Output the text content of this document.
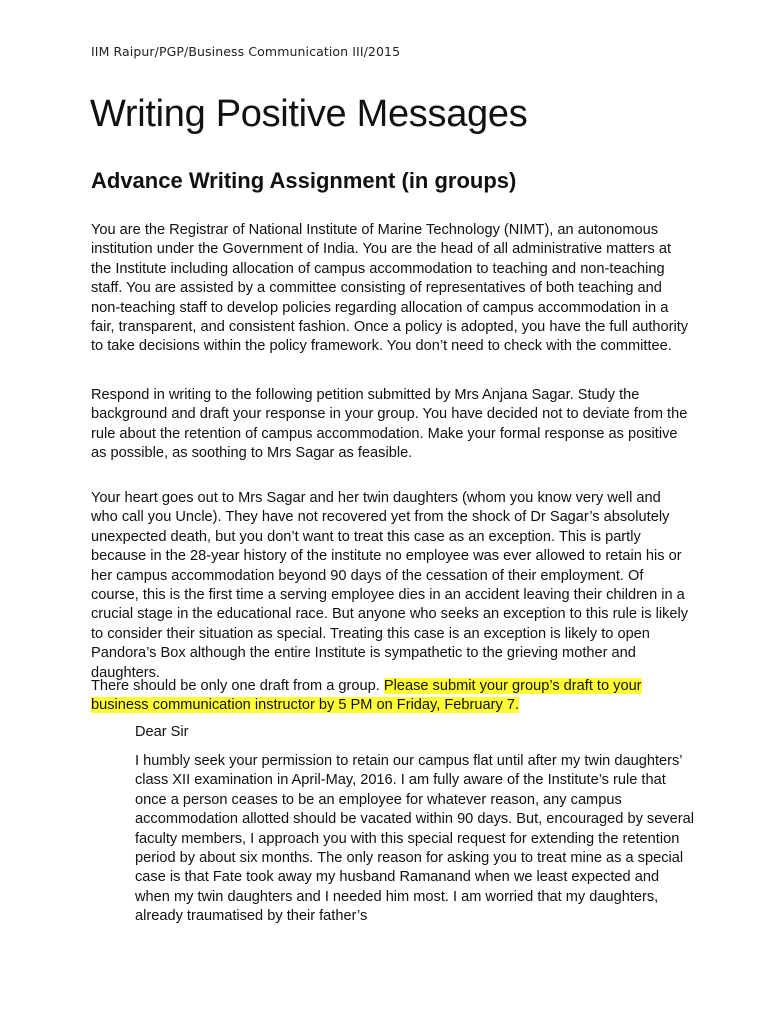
IIM Raipur/PGP/Business Communication III/2015
Writing Positive Messages
Advance Writing Assignment (in groups)

You are the Registrar of National Institute of Marine Technology (NIMT), an autonomous institution under the Government of India. You are the head of all administrative matters at the Institute including allocation of campus accommodation to teaching and non-teaching staff. You are assisted by a committee consisting of representatives of both teaching and non-teaching staff to develop policies regarding allocation of campus accommodation in a fair, transparent, and consistent fashion. Once a policy is adopted, you have the full authority to take decisions within the policy framework. You don’t need to check with the committee.

Respond in writing to the following petition submitted by Mrs Anjana Sagar. Study the background and draft your response in your group. You have decided not to deviate from the rule about the retention of campus accommodation. Make your formal response as positive as possible, as soothing to Mrs Sagar as feasible.

Your heart goes out to Mrs Sagar and her twin daughters (whom you know very well and who call you Uncle). They have not recovered yet from the shock of Dr Sagar’s absolutely unexpected death, but you don’t want to treat this case as an exception. This is partly because in the 28-year history of the institute no employee was ever allowed to retain his or her campus accommodation beyond 90 days of the cessation of their employment. Of course, this is the first time a serving employee dies in an accident leaving their children in a crucial stage in the educational race. But anyone who seeks an exception to this rule is likely to consider their situation as special. Treating this case is an exception is likely to open Pandora’s Box although the entire Institute is sympathetic to the grieving mother and daughters.

There should be only one draft from a group. Please submit your group’s draft to your business communication instructor by 5 PM on Friday, February 7.

Dear Sir

I humbly seek your permission to retain our campus flat until after my twin daughters’ class XII examination in April-May, 2016. I am fully aware of the Institute’s rule that once a person ceases to be an employee for whatever reason, any campus accommodation allotted should be vacated within 90 days. But, encouraged by several faculty members, I approach you with this special request for extending the retention period by about six months. The only reason for asking you to treat mine as a special case is that Fate took away my husband Ramanand when we least expected and when my twin daughters and I needed him most. I am worried that my daughters, already traumatised by their father’s
